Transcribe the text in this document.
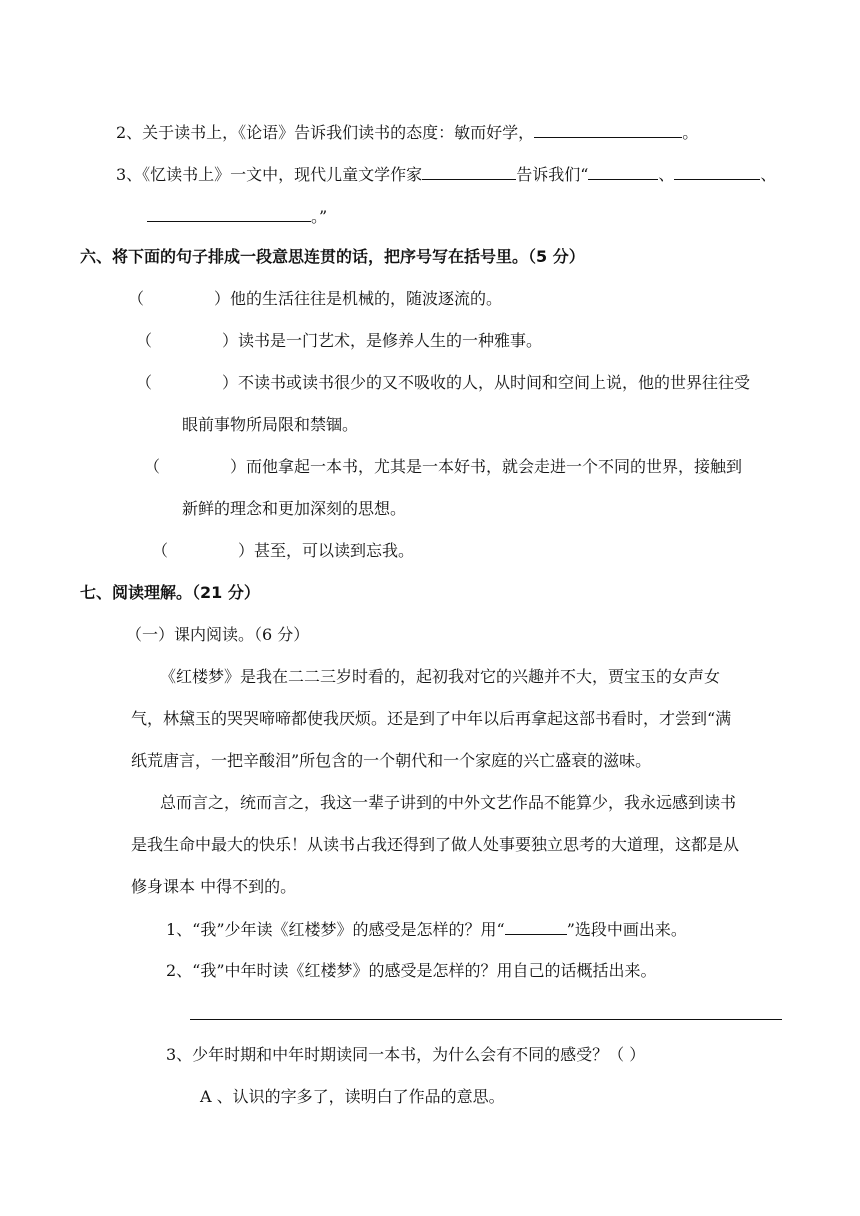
2、关于读书上，《论语》告诉我们读书的态度：敏而好学，	。
3、《忆读书上》一文中，现代儿童文学作家	告诉我们“	、	、
。”
六、将下面的句子排成一段意思连贯的话，把序号写在括号里。（5 分）
（	）他的生活往往是机械的，随波逐流的。
（	）读书是一门艺术，是修养人生的一种雅事。
（	）不读书或读书很少的又不吸收的人，从时间和空间上说，他的世界往往受
眼前事物所局限和禁锢。
（	）而他拿起一本书，尤其是一本好书，就会走进一个不同的世界，接触到
新鲜的理念和更加深刻的思想。
（	）甚至，可以读到忘我。
七、阅读理解。（21 分）
（一）课内阅读。（6 分）
《红楼梦》是我在二二三岁时看的，起初我对它的兴趣并不大，贾宝玉的女声女
气，林黛玉的哭哭啼啼都使我厌烦。还是到了中年以后再拿起这部书看时，才尝到“满
纸荒唐言，一把辛酸泪”所包含的一个朝代和一个家庭的兴亡盛衰的滋味。
总而言之，统而言之，我这一辈子讲到的中外文艺作品不能算少，我永远感到读书
是我生命中最大的快乐！从读书占我还得到了做人处事要独立思考的大道理，这都是从
修身课本 中得不到的。
1、“我”少年读《红楼梦》的感受是怎样的？用“	”选段中画出来。
2、“我”中年时读《红楼梦》的感受是怎样的？用自己的话概括出来。
3、少年时期和中年时期读同一本书，为什么会有不同的感受？（ ）
A 、认识的字多了，读明白了作品的意思。
